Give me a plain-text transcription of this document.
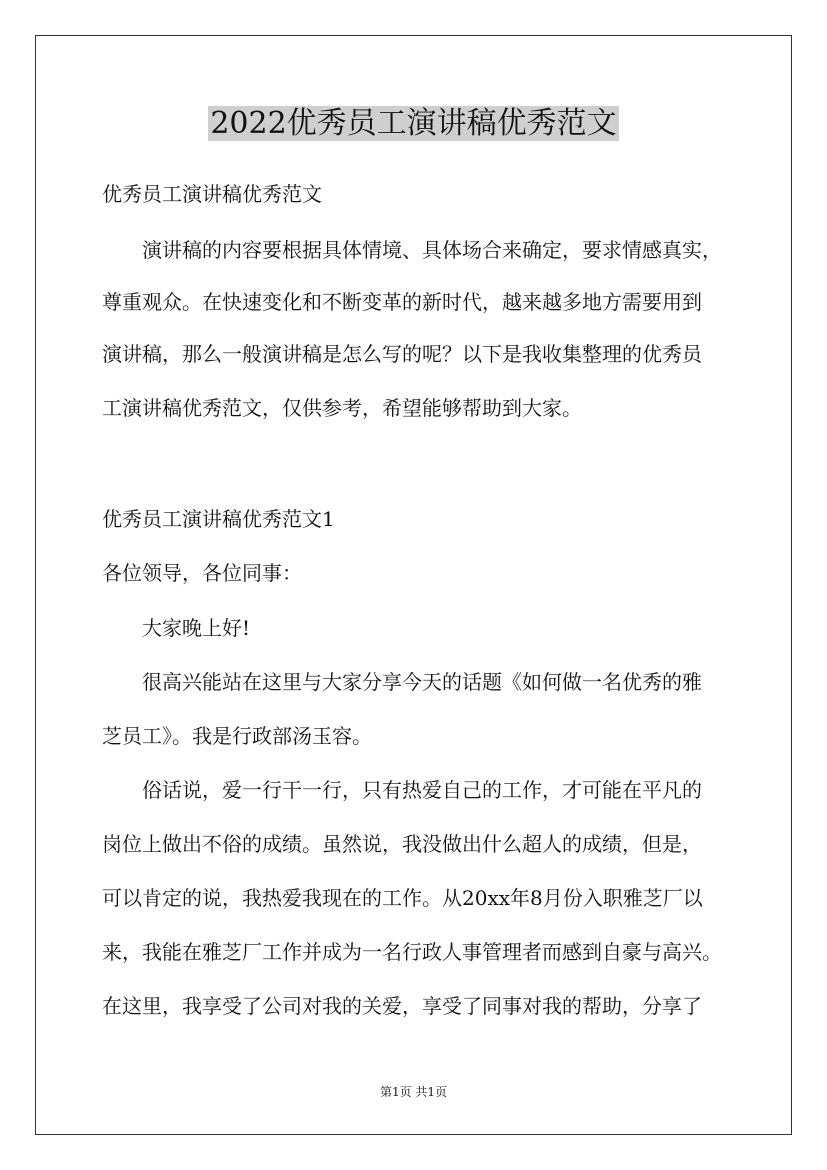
2022优秀员工演讲稿优秀范文

优秀员工演讲稿优秀范文

演讲稿的内容要根据具体情境、具体场合来确定，要求情感真实，

尊重观众。在快速变化和不断变革的新时代，越来越多地方需要用到

演讲稿，那么一般演讲稿是怎么写的呢？以下是我收集整理的优秀员

工演讲稿优秀范文，仅供参考，希望能够帮助到大家。

优秀员工演讲稿优秀范文1

各位领导，各位同事：

大家晚上好!

很高兴能站在这里与大家分享今天的话题《如何做一名优秀的雅

芝员工》。我是行政部汤玉容。

俗话说，爱一行干一行，只有热爱自己的工作，才可能在平凡的

岗位上做出不俗的成绩。虽然说，我没做出什么超人的成绩，但是，

可以肯定的说，我热爱我现在的工作。从20xx年8月份入职雅芝厂以

来，我能在雅芝厂工作并成为一名行政人事管理者而感到自豪与高兴。

在这里，我享受了公司对我的关爱，享受了同事对我的帮助，分享了

第1页 共1页
